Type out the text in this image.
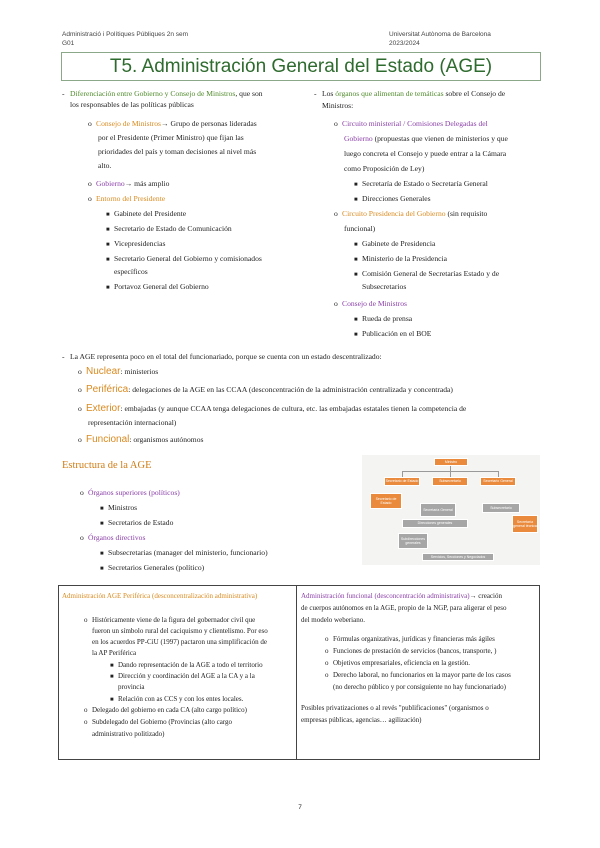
Administració i Polítiques Públiques 2n sem
G01
Universitat Autònoma de Barcelona
2023/2024
T5. Administración General del Estado (AGE)
- Diferenciación entre Gobierno y Consejo de Ministros, que son
los responsables de las políticas públicas
o Consejo de Ministros→ Grupo de personas lideradas
por el Presidente (Primer Ministro) que fijan las
prioridades del país y toman decisiones al nivel más
alto.
o Gobierno→ más amplio
o Entorno del Presidente
■ Gabinete del Presidente
■ Secretario de Estado de Comunicación
■ Vicepresidencias
■ Secretario General del Gobierno y comisionados
específicos
■ Portavoz General del Gobierno
- Los órganos que alimentan de temáticas sobre el Consejo de
Ministros:
o Circuito ministerial / Comisiones Delegadas del
Gobierno (propuestas que vienen de ministerios y que
luego concreta el Consejo y puede entrar a la Cámara
como Proposición de Ley)
■ Secretaría de Estado o Secretaría General
■ Direcciones Generales
o Circuito Presidencia del Gobierno (sin requisito
funcional)
■ Gabinete de Presidencia
■ Ministerio de la Presidencia
■ Comisión General de Secretarías Estado y de
Subsecretarios
o Consejo de Ministros
■ Rueda de prensa
■ Publicación en el BOE
- La AGE representa poco en el total del funcionariado, porque se cuenta con un estado descentralizado:
o Nuclear: ministerios
o Periférica: delegaciones de la AGE en las CCAA (desconcentración de la administración centralizada y concentrada)
o Exterior: embajadas (y aunque CCAA tenga delegaciones de cultura, etc. las embajadas estatales tienen la competencia de
representación internacional)
o Funcional: organismos autónomos
Estructura de la AGE
o Órganos superiores (políticos)
■ Ministros
■ Secretarios de Estado
o Órganos directivos
■ Subsecretarias (manager del ministerio, funcionario)
■ Secretarios Generales (político)
Ministro
Secretario de Estado	Subsecretario	Secretario General
Secretario de Estado
Secretaría General	Subsecretario
Direcciones generales	Secretaría general técnica
Subdirecciones generales
Servicios, Secciones y Negociados
Administración AGE Periférica (desconcentralización administrativa)
o Históricamente viene de la figura del gobernador civil que
fueron un símbolo rural del caciquismo y clientelismo. Por eso
en los acuerdos PP-CiU (1997) pactaron una simplificación de
la AP Periférica
■ Dando representación de la AGE a todo el territorio
■ Dirección y coordinación del AGE a la CA y a la
provincia
■ Relación con as CCS y con los entes locales.
o Delegado del gobierno en cada CA (alto cargo político)
o Subdelegado del Gobierno (Provincias (alto cargo
administrativo politizado)
Administración funcional (desconcentración administrativa)→ creación
de cuerpos autónomos en la AGE, propio de la NGP, para aligerar el peso
del modelo weberiano.
o Fórmulas organizativas, jurídicas y financieras más ágiles
o Funciones de prestación de servicios (bancos, transporte, )
o Objetivos empresariales, eficiencia en la gestión.
o Derecho laboral, no funcionarios en la mayor parte de los casos
(no derecho público y por consiguiente no hay funcionariado)
Posibles privatizaciones o al revés "publificaciones" (organismos o
empresas públicas, agencias… agilización)
7
